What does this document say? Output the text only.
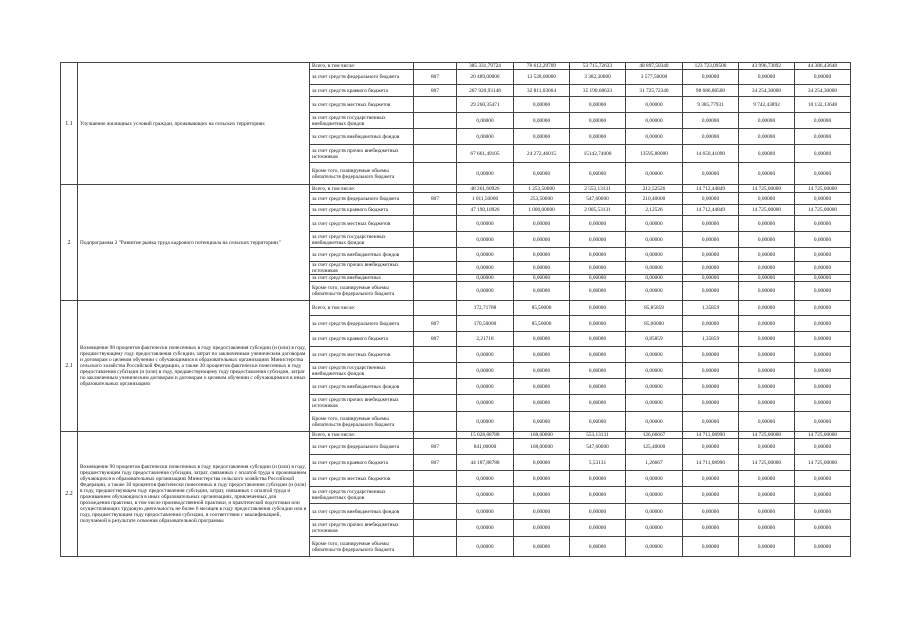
1.1	Улучшение жилищных условий граждан, проживающих на сельских территориях	Всего, в том числе:		385 331,79724	70 612,29709	53 715,72633	48 897,50340	123 723,09500	43 996,73892	44 386,43648
		за счет средств федерального бюджета	807	20 489,00000	13 528,00000	3 382,30000	3 577,50000	0,00000	0,00000	0,00000
		за счет средств краевого бюджета	807	267 920,93148	32 811,03664	35 190,68633	31 725,72340	98 686,80500	34 254,30000	34 254,30000
		за счет средств местных бюджетов		29 260,35471	0,00000	0,00000	0,00000	9 385,77931	9 742,43892	10 132,13648
		за счет средств государственных внебюджетных фондов		0,00000	0,00000	0,00000	0,00000	0,00000	0,00000	0,00000
		за счет средств внебюджетных фондов		0,00000	0,00000	0,00000	0,00000	0,00000	0,00000	0,00000
		за счет средств прочих внебюджетных источников		67 661,49105	24 272,46015	15142,74000	13595,88000	14 650,41090	0,00000	0,00000
		Кроме того, планируемые объемы обязательств федерального бюджета		0,00000	0,00000	0,00000	0,00000	0,00000	0,00000	0,00000
2	Подпрограмма 2 "Развитие рынка труда кадрового потенциала на сельских территориях"	Всего, в том числе:		48 261,60926	1 253,50000	2 553,13131	212,52526	14 712,44849	14 725,00000	14 725,00000
		за счет средств федерального бюджета	807	1 011,50000	253,50000	547,60000	210,40000	0,00000	0,00000	0,00000
		за счет средств краевого бюджета		47 190,10926	1 000,00000	2 005,53131	2,12526	14 712,44849	14 725,00000	14 725,00000
		за счет средств местных бюджетов		0,00000	0,00000	0,00000	0,00000	0,00000	0,00000	0,00000
		за счет средств государственных внебюджетных фондов		0,00000	0,00000	0,00000	0,00000	0,00000	0,00000	0,00000
		за счет средств внебюджетных фондов		0,00000	0,00000	0,00000	0,00000	0,00000	0,00000	0,00000
		за счет средств прочих внебюджетных источников		0,00000	0,00000	0,00000	0,00000	0,00000	0,00000	0,00000
		за счет средств внебюджетных		0,00000	0,00000	0,00000	0,00000	0,00000	0,00000	0,00000
		Кроме того, планируемые объемы обязательств федерального бюджета		0,00000	0,00000	0,00000	0,00000	0,00000	0,00000	0,00000
2.1	Возмещение 90 процентов фактически понесенных в году предоставления субсидии (и (или) в году, предшествующему году предоставления субсидии, затрат по заключенным ученическим договорам и договорам о целевом обучении с обучающимися в образовательных организациях Министерства сельского хозяйства Российской Федерации, а также 30 процентов фактически понесенных в году предоставления субсидии (и (или) в году, предшествующему году предоставления субсидии, затрат по заключенным ученическим договорам и договорам о целевом обучении с обучающимися в иных образовательных организациях	Всего, в том числе:		172,71788	85,50000	0,00000	85,85859	1,35859	0,00000	0,00000
		за счет средств федерального бюджета	807	170,50000	85,50000	0,00000	85,00000	0,00000	0,00000	0,00000
		за счет средств краевого бюджета	807	2,21718	0,00000	0,00000	0,85859	1,35859	0,00000	0,00000
		за счет средств местных бюджетов		0,00000	0,00000	0,00000	0,00000	0,00000	0,00000	0,00000
		за счет средств государственных внебюджетных фондов		0,00000	0,00000	0,00000	0,00000	0,00000	0,00000	0,00000
		за счет средств внебюджетных фондов		0,00000	0,00000	0,00000	0,00000	0,00000	0,00000	0,00000
		за счет средств прочих внебюджетных источников		0,00000	0,00000	0,00000	0,00000	0,00000	0,00000	0,00000
		Кроме того, планируемые объемы обязательств федерального бюджета		0,00000	0,00000	0,00000	0,00000	0,00000	0,00000	0,00000
2.2	Возмещение 90 процентов фактически понесенных в году предоставления субсидии (и (или) в году, предшествующем году предоставления субсидии, затрат, связанных с оплатой труда и проживанием обучающихся в образовательных организациях Министерства сельского хозяйства Российской Федерации, а также 30 процентов фактически понесенных в году предоставления субсидии (и (или) в году, предшествующем году предоставления субсидии, затрат, связанных с оплатой труда и проживанием обучающихся в иных образовательных организациях, привлеченных для прохождения практики, в том числе производственной практики, и практической подготовки или осуществляющих трудовую деятельность не более 6 месяцев в году предоставления субсидии или в году, предшествующем году предоставления субсидии, в соответствии с квалификацией, получаемой в результате освоения образовательной программы	Всего, в том числе:		15 028,88788	168,00000	553,13131	126,66667	14 711,08990	14 725,00000	14 725,00000
		за счет средств федерального бюджета	807	841,00000	168,00000	547,60000	125,40000	0,00000	0,00000	0,00000
		за счет средств краевого бюджета	807	44 187,88788	0,00000	5,53131	1,26667	14 711,08990	14 725,00000	14 725,00000
		за счет средств местных бюджетов		0,00000	0,00000	0,00000	0,00000	0,00000	0,00000	0,00000
		за счет средств государственных внебюджетных фондов		0,00000	0,00000	0,00000	0,00000	0,00000	0,00000	0,00000
		за счет средств внебюджетных фондов		0,00000	0,00000	0,00000	0,00000	0,00000	0,00000	0,00000
		за счет средств прочих внебюджетных источников		0,00000	0,00000	0,00000	0,00000	0,00000	0,00000	0,00000
		Кроме того, планируемые объемы обязательств федерального бюджета		0,00000	0,00000	0,00000	0,00000	0,00000	0,00000	0,00000
